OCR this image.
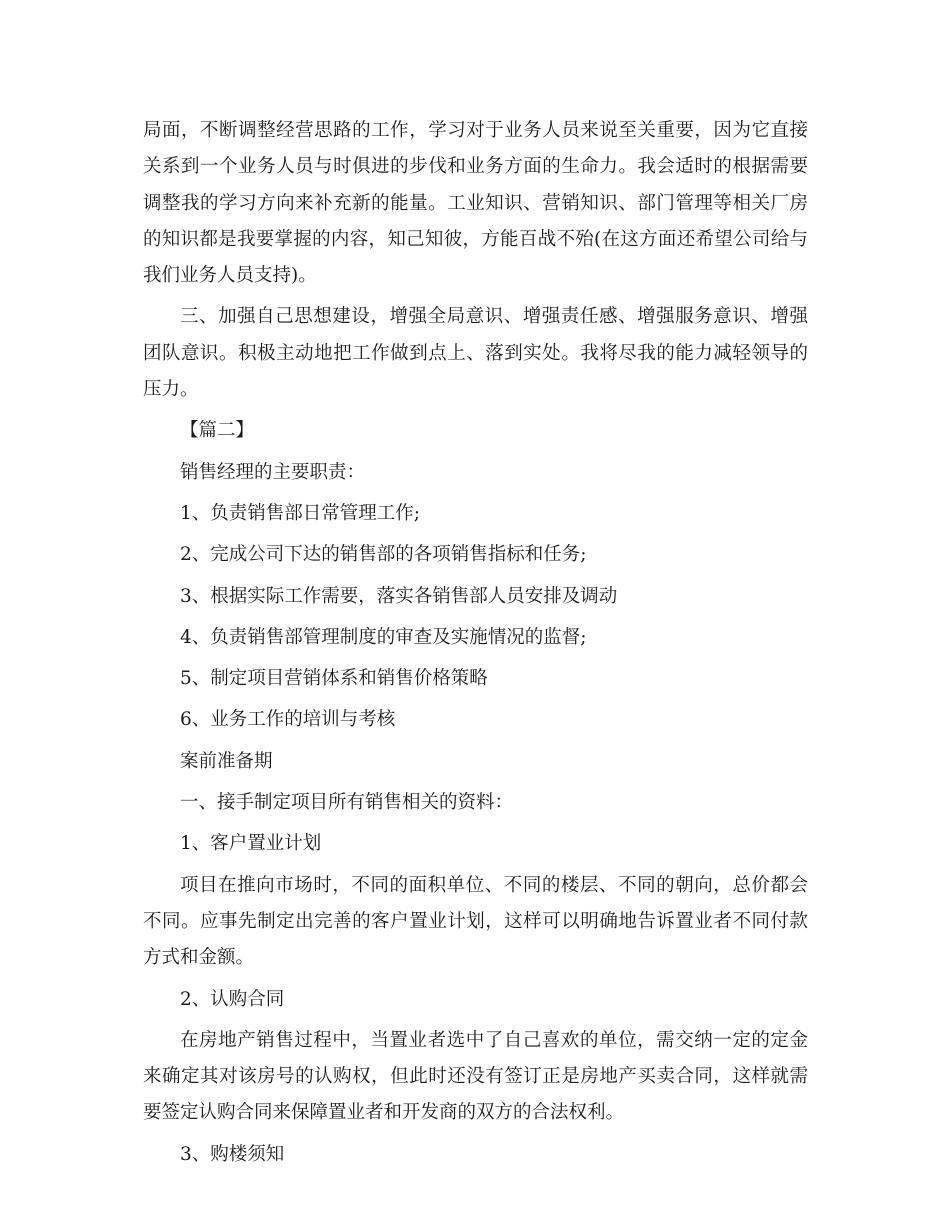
局面，不断调整经营思路的工作，学习对于业务人员来说至关重要，因为它直接关系到一个业务人员与时俱进的步伐和业务方面的生命力。我会适时的根据需要调整我的学习方向来补充新的能量。工业知识、营销知识、部门管理等相关厂房的知识都是我要掌握的内容，知己知彼，方能百战不殆(在这方面还希望公司给与我们业务人员支持)。

三、加强自己思想建设，增强全局意识、增强责任感、增强服务意识、增强团队意识。积极主动地把工作做到点上、落到实处。我将尽我的能力减轻领导的压力。

【篇二】

销售经理的主要职责：

1、负责销售部日常管理工作;

2、完成公司下达的销售部的各项销售指标和任务;

3、根据实际工作需要，落实各销售部人员安排及调动

4、负责销售部管理制度的审查及实施情况的监督;

5、制定项目营销体系和销售价格策略

6、业务工作的培训与考核

案前准备期

一、接手制定项目所有销售相关的资料：

1、客户置业计划

项目在推向市场时，不同的面积单位、不同的楼层、不同的朝向，总价都会不同。应事先制定出完善的客户置业计划，这样可以明确地告诉置业者不同付款方式和金额。

2、认购合同

在房地产销售过程中，当置业者选中了自己喜欢的单位，需交纳一定的定金来确定其对该房号的认购权，但此时还没有签订正是房地产买卖合同，这样就需要签定认购合同来保障置业者和开发商的双方的合法权利。

3、购楼须知
